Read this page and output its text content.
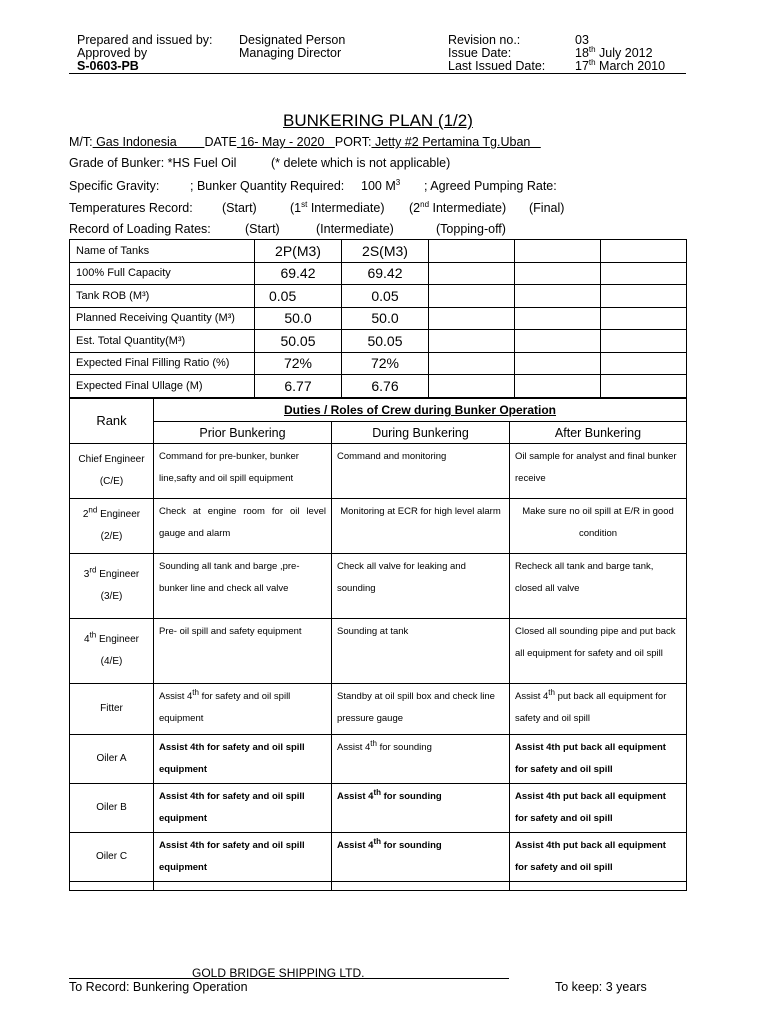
Prepared and issued by: Designated Person
Approved by	Managing Director
S-0603-PB
Revision no.:	03
Issue Date:	18th July 2012
Last Issued Date: 17th March 2010
BUNKERING PLAN (1/2)
M/T: Gas Indonesia        DATE 16- May - 2020   PORT: Jetty #2 Pertamina Tg.Uban
Grade of Bunker: *HS Fuel Oil	(* delete which is not applicable)
Specific Gravity: ; Bunker Quantity Required: 100 $M^3$ ; Agreed Pumping Rate:
Temperatures Record: (Start)	(1st Intermediate) (2nd Intermediate) (Final)
Record of Loading Rates:	(Start)	(Intermediate)	(Topping-off)
Name of Tanks	2P(M3)	2S(M3)			
100% Full Capacity	69.42	69.42			
Tank ROB (M³)	0.05	0.05			
Planned Receiving Quantity (M³)	50.0	50.0			
Est. Total Quantity(M³)	50.05	50.05			
Expected Final Filling Ratio (%)	72%	72%			
Expected Final Ullage (M)	6.77	6.76			
Rank	Duties / Roles of Crew during Bunker Operation		
	Prior Bunkering	During Bunkering	After Bunkering
Chief Engineer
(C/E)	Command for pre-bunker, bunker line,safty and oil spill equipment	Command and monitoring	Oil sample for analyst and final bunker receive
2nd Engineer
(2/E)	Check at engine room for oil level gauge and alarm	Monitoring at ECR for high level alarm	Make sure no oil spill at E/R in good condition
3rd Engineer
(3/E)	Sounding all tank and barge ,pre-bunker line and check all valve	Check all valve for leaking and sounding	Recheck all tank and barge tank, closed all valve
4th Engineer
(4/E)	Pre- oil spill and safety equipment	Sounding at tank	Closed all sounding pipe and put back all equipment for safety and oil spill
Fitter	Assist 4th for safety and oil spill equipment	Standby at oil spill box and check line pressure gauge	Assist 4th put back all equipment for safety and oil spill
Oiler A	Assist 4th for safety and oil spill equipment	Assist 4th for sounding	Assist 4th put back all equipment for safety and oil spill
Oiler B	Assist 4th for safety and oil spill equipment	Assist 4th for sounding	Assist 4th put back all equipment for safety and oil spill
Oiler C	Assist 4th for safety and oil spill equipment	Assist 4th for sounding	Assist 4th put back all equipment for safety and oil spill

GOLD BRIDGE SHIPPING LTD.
To Record: Bunkering Operation	To keep: 3 years
